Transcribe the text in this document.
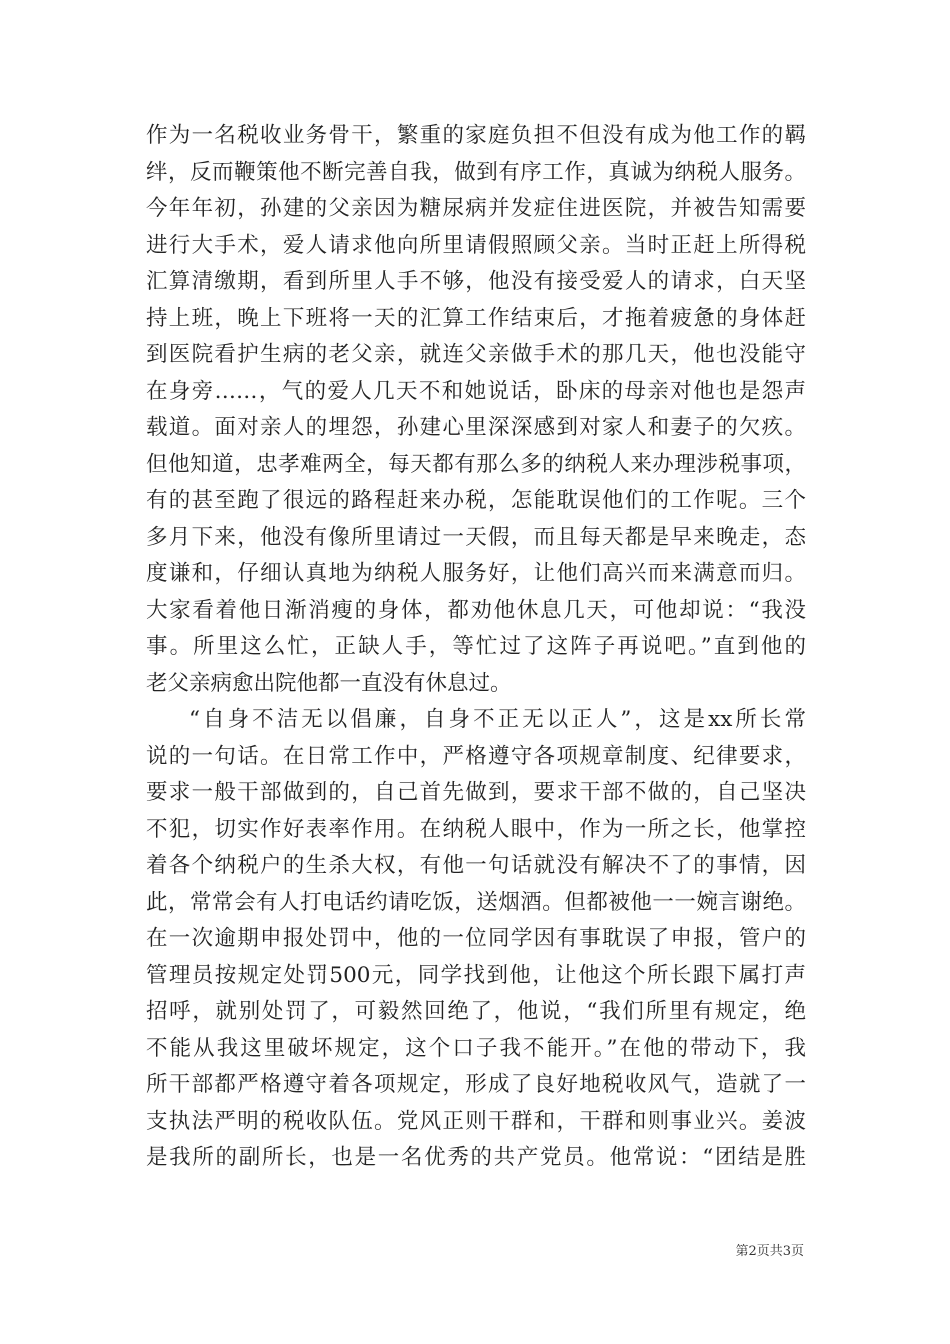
作为一名税收业务骨干，繁重的家庭负担不但没有成为他工作的羁
绊，反而鞭策他不断完善自我，做到有序工作，真诚为纳税人服务。
今年年初，孙建的父亲因为糖尿病并发症住进医院，并被告知需要
进行大手术，爱人请求他向所里请假照顾父亲。当时正赶上所得税
汇算清缴期，看到所里人手不够，他没有接受爱人的请求，白天坚
持上班，晚上下班将一天的汇算工作结束后，才拖着疲惫的身体赶
到医院看护生病的老父亲，就连父亲做手术的那几天，他也没能守
在身旁……，气的爱人几天不和她说话，卧床的母亲对他也是怨声
载道。面对亲人的埋怨，孙建心里深深感到对家人和妻子的欠疚。
但他知道，忠孝难两全，每天都有那么多的纳税人来办理涉税事项，
有的甚至跑了很远的路程赶来办税，怎能耽误他们的工作呢。三个
多月下来，他没有像所里请过一天假，而且每天都是早来晚走，态
度谦和，仔细认真地为纳税人服务好，让他们高兴而来满意而归。
大家看着他日渐消瘦的身体，都劝他休息几天，可他却说：“我没
事。所里这么忙，正缺人手，等忙过了这阵子再说吧。”直到他的
老父亲病愈出院他都一直没有休息过。
“自身不洁无以倡廉，自身不正无以正人”，这是xx所长常
说的一句话。在日常工作中，严格遵守各项规章制度、纪律要求，
要求一般干部做到的，自己首先做到，要求干部不做的，自己坚决
不犯，切实作好表率作用。在纳税人眼中，作为一所之长，他掌控
着各个纳税户的生杀大权，有他一句话就没有解决不了的事情，因
此，常常会有人打电话约请吃饭，送烟酒。但都被他一一婉言谢绝。
在一次逾期申报处罚中，他的一位同学因有事耽误了申报，管户的
管理员按规定处罚500元，同学找到他，让他这个所长跟下属打声
招呼，就别处罚了，可毅然回绝了，他说，“我们所里有规定，绝
不能从我这里破坏规定，这个口子我不能开。”在他的带动下，我
所干部都严格遵守着各项规定，形成了良好地税收风气，造就了一
支执法严明的税收队伍。党风正则干群和，干群和则事业兴。姜波
是我所的副所长，也是一名优秀的共产党员。他常说：“团结是胜
第2页共3页
